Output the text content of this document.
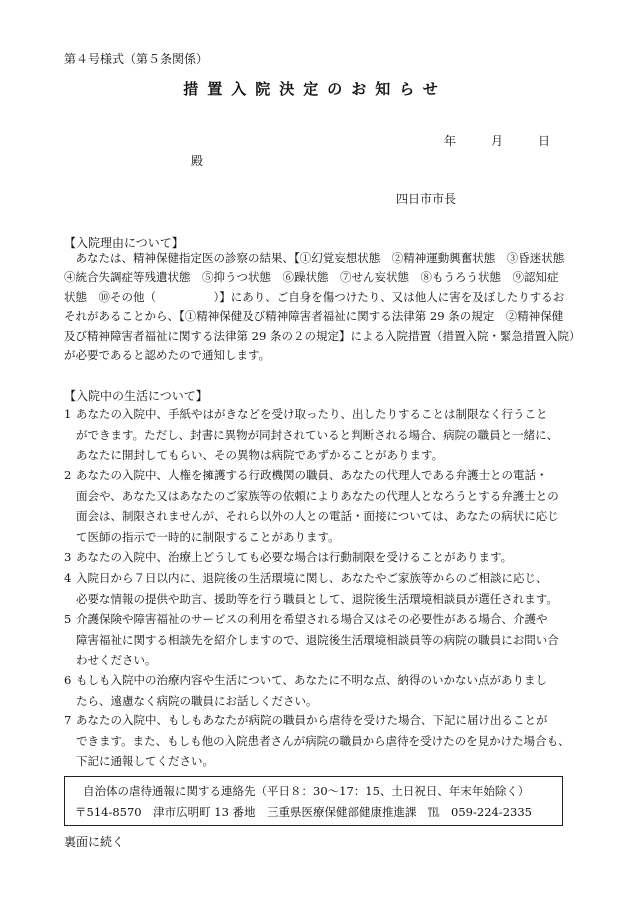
第４号様式（第５条関係）
措置入院決定のお知らせ
年	月	日
殿
四日市市長
【入院理由について】
　あなたは、精神保健指定医の診察の結果、【①幻覚妄想状態　②精神運動興奮状態　③昏迷状態
④統合失調症等残遺状態　⑤抑うつ状態　⑥躁状態　⑦せん妄状態　⑧もうろう状態　⑨認知症
状態　⑩その他（　　　　　）】にあり、ご自身を傷つけたり、又は他人に害を及ぼしたりするお
それがあることから、【①精神保健及び精神障害者福祉に関する法律第 29 条の規定　②精神保健
及び精神障害者福祉に関する法律第 29 条の２の規定】による入院措置（措置入院・緊急措置入院）
が必要であると認めたので通知します。
【入院中の生活について】
1 あなたの入院中、手紙やはがきなどを受け取ったり、出したりすることは制限なく行うこと
ができます。ただし、封書に異物が同封されていると判断される場合、病院の職員と一緒に、
あなたに開封してもらい、その異物は病院であずかることがあります。
2 あなたの入院中、人権を擁護する行政機関の職員、あなたの代理人である弁護士との電話・
面会や、あなた又はあなたのご家族等の依頼によりあなたの代理人となろうとする弁護士との
面会は、制限されませんが、それら以外の人との電話・面接については、あなたの病状に応じ
て医師の指示で一時的に制限することがあります。
3 あなたの入院中、治療上どうしても必要な場合は行動制限を受けることがあります。
4 入院日から７日以内に、退院後の生活環境に関し、あなたやご家族等からのご相談に応じ、
必要な情報の提供や助言、援助等を行う職員として、退院後生活環境相談員が選任されます。
5 介護保険や障害福祉のサービスの利用を希望される場合又はその必要性がある場合、介護や
障害福祉に関する相談先を紹介しますので、退院後生活環境相談員等の病院の職員にお問い合
わせください。
6 もしも入院中の治療内容や生活について、あなたに不明な点、納得のいかない点がありまし
たら、遠慮なく病院の職員にお話しください。
7 あなたの入院中、もしもあなたが病院の職員から虐待を受けた場合、下記に届け出ることが
できます。また、もしも他の入院患者さんが病院の職員から虐待を受けたのを見かけた場合も、
下記に通報してください。
自治体の虐待通報に関する連絡先（平日８：30～17：15、土日祝日、年末年始除く）
〒514‐8570　津市広明町 13 番地　三重県医療保健部健康推進課　℡　059‐224‐2335
裏面に続く
